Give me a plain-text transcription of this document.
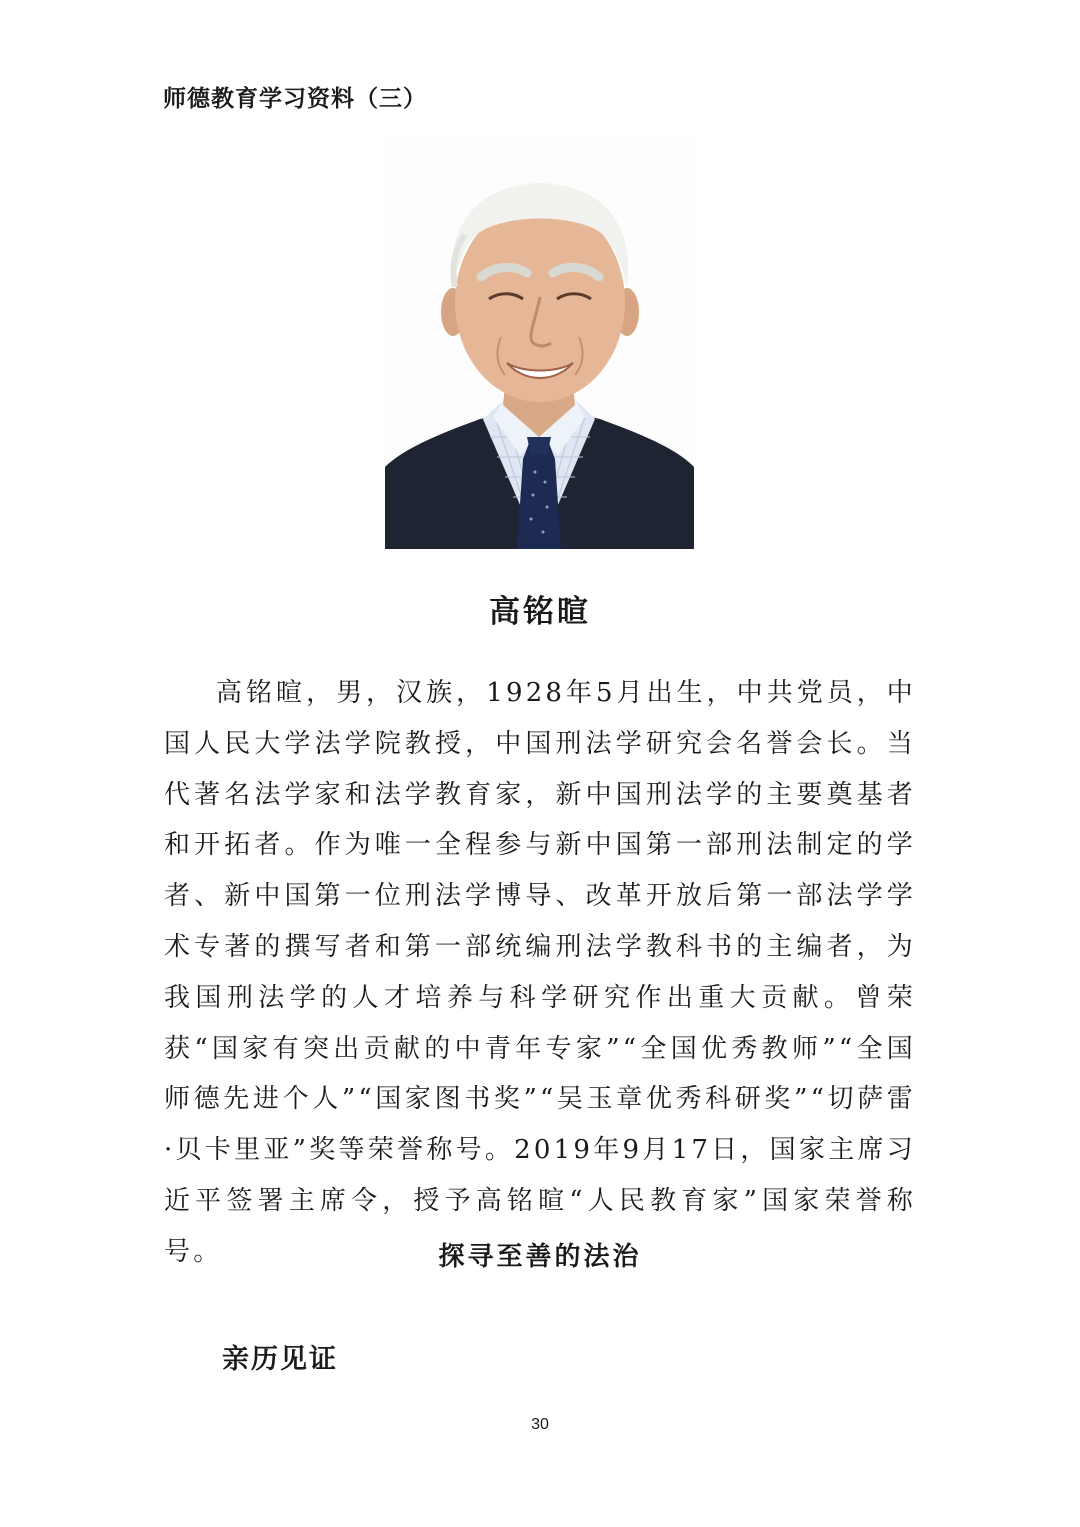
师德教育学习资料（三）
高铭暄

高铭暄，男，汉族，1928年5月出生，中共党员，中国人民大学法学院教授，中国刑法学研究会名誉会长。当代著名法学家和法学教育家，新中国刑法学的主要奠基者和开拓者。作为唯一全程参与新中国第一部刑法制定的学者、新中国第一位刑法学博导、改革开放后第一部法学学术专著的撰写者和第一部统编刑法学教科书的主编者，为我国刑法学的人才培养与科学研究作出重大贡献。曾荣获“国家有突出贡献的中青年专家”“全国优秀教师”“全国师德先进个人”“国家图书奖”“吴玉章优秀科研奖”“切萨雷·贝卡里亚”奖等荣誉称号。2019年9月17日，国家主席习近平签署主席令，授予高铭暄“人民教育家”国家荣誉称号。	探寻至善的法治
亲历见证
30
